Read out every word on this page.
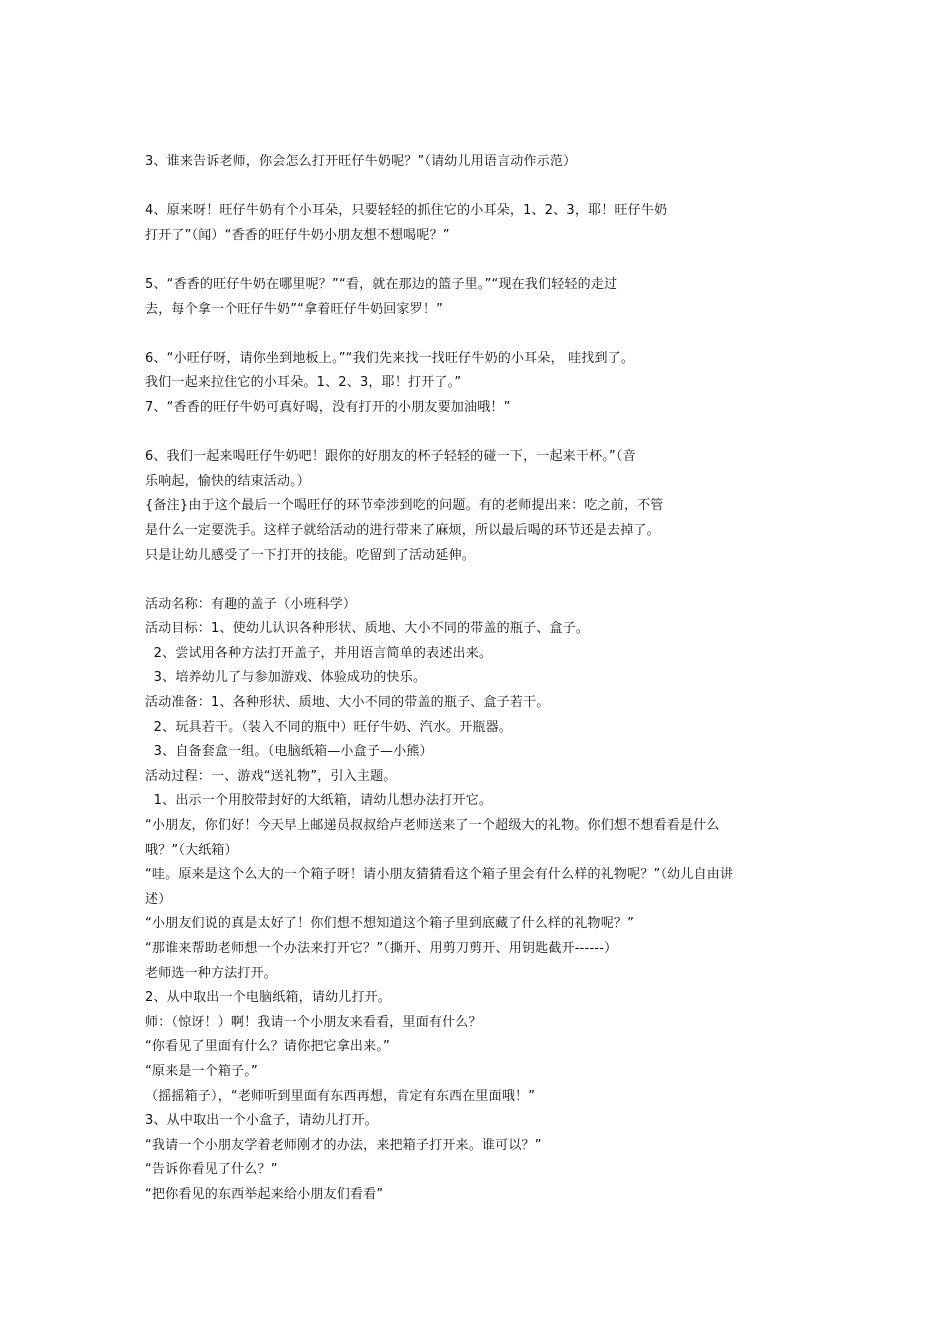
3、谁来告诉老师，你会怎么打开旺仔牛奶呢？”（请幼儿用语言动作示范）
4、原来呀！旺仔牛奶有个小耳朵，只要轻轻的抓住它的小耳朵，1、2、3，耶！旺仔牛奶
打开了”（闻）“香香的旺仔牛奶小朋友想不想喝呢？”
5、“香香的旺仔牛奶在哪里呢？”“看，就在那边的篮子里。”“现在我们轻轻的走过
去，每个拿一个旺仔牛奶”“拿着旺仔牛奶回家罗！”
6、“小旺仔呀，请你坐到地板上。”“我们先来找一找旺仔牛奶的小耳朵， 哇找到了。
我们一起来拉住它的小耳朵。1、2、3，耶！打开了。”
7、“香香的旺仔牛奶可真好喝，没有打开的小朋友要加油哦！”
6、我们一起来喝旺仔牛奶吧！跟你的好朋友的杯子轻轻的碰一下，一起来干杯。”（音
乐响起，愉快的结束活动。）
{备注}由于这个最后一个喝旺仔的环节牵涉到吃的问题。有的老师提出来：吃之前，不管
是什么一定要洗手。这样子就给活动的进行带来了麻烦，所以最后喝的环节还是去掉了。
只是让幼儿感受了一下打开的技能。吃留到了活动延伸。
活动名称：有趣的盖子（小班科学）
活动目标：1、使幼儿认识各种形状、质地、大小不同的带盖的瓶子、盒子。
2、尝试用各种方法打开盖子，并用语言简单的表述出来。
3、培养幼儿了与参加游戏、体验成功的快乐。
活动准备：1、各种形状、质地、大小不同的带盖的瓶子、盒子若干。
2、玩具若干。（装入不同的瓶中）旺仔牛奶、汽水。开瓶器。
3、自备套盒一组。（电脑纸箱—小盒子—小熊）
活动过程：一、游戏“送礼物”，引入主题。
1、出示一个用胶带封好的大纸箱，请幼儿想办法打开它。
“小朋友，你们好！今天早上邮递员叔叔给卢老师送来了一个超级大的礼物。你们想不想看看是什么
哦？”（大纸箱）
“哇。原来是这个么大的一个箱子呀！请小朋友猜猜看这个箱子里会有什么样的礼物呢？”（幼儿自由讲
述）
“小朋友们说的真是太好了！你们想不想知道这个箱子里到底藏了什么样的礼物呢？”
“那谁来帮助老师想一个办法来打开它？”（撕开、用剪刀剪开、用钥匙截开------）
老师选一种方法打开。
2、从中取出一个电脑纸箱，请幼儿打开。
师：（惊讶！）啊！我请一个小朋友来看看，里面有什么？
“你看见了里面有什么？请你把它拿出来。”
“原来是一个箱子。”
（摇摇箱子），“老师听到里面有东西再想，肯定有东西在里面哦！”
3、从中取出一个小盒子，请幼儿打开。
“我请一个小朋友学着老师刚才的办法，来把箱子打开来。谁可以？”
“告诉你看见了什么？”
“把你看见的东西举起来给小朋友们看看”
